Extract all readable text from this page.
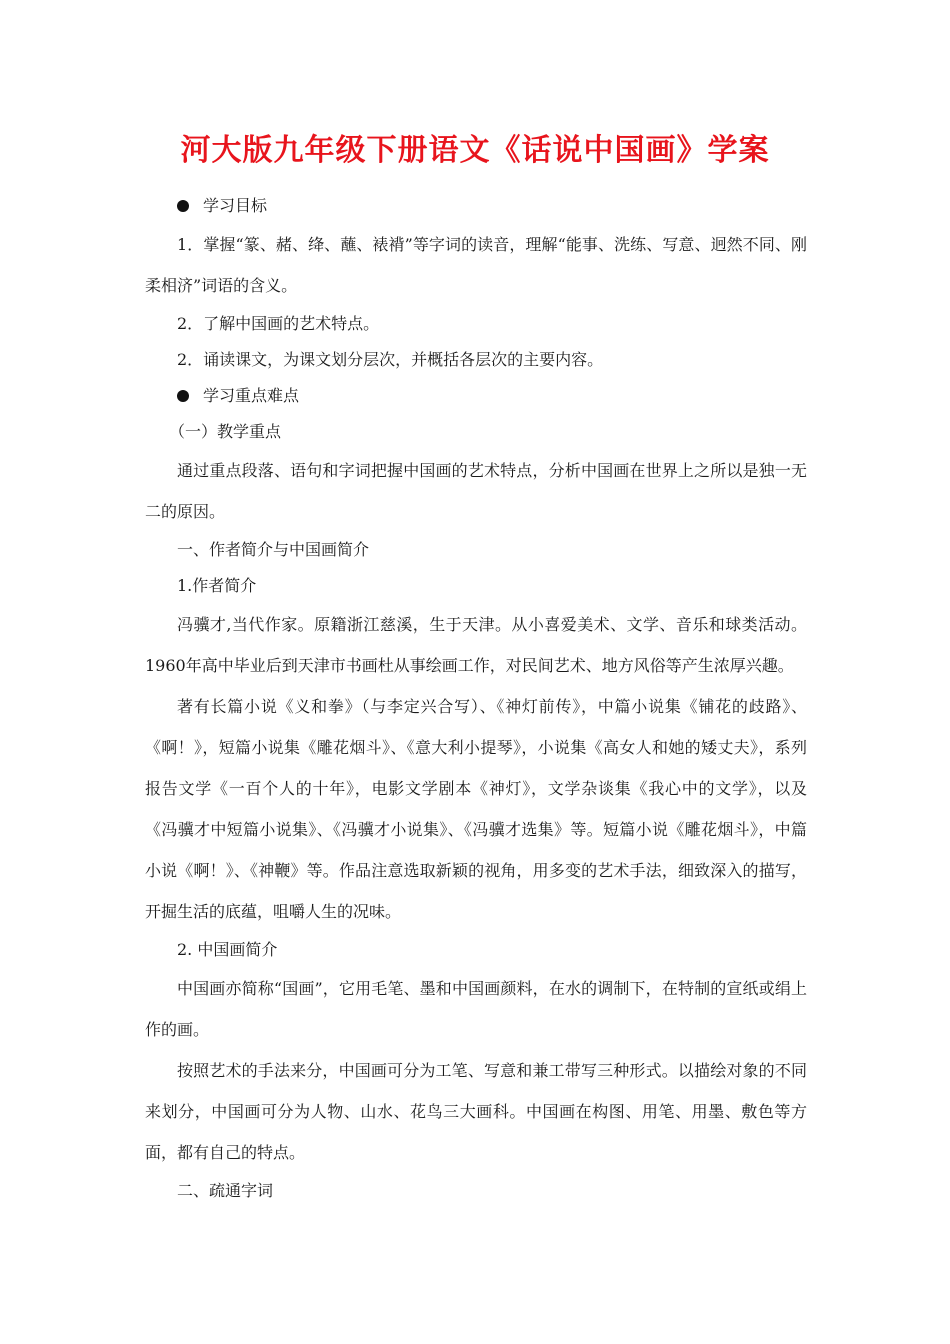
河大版九年级下册语文《话说中国画》学案

学习目标

1．掌握“篆、赭、绛、蘸、裱褙”等字词的读音，理解“能事、洗练、写意、迥然不同、刚柔相济”词语的含义。

2．了解中国画的艺术特点。

2．诵读课文，为课文划分层次，并概括各层次的主要内容。

学习重点难点

（一）教学重点

通过重点段落、语句和字词把握中国画的艺术特点，分析中国画在世界上之所以是独一无二的原因。

一、作者简介与中国画简介

1.作者简介

冯骥才,当代作家。原籍浙江慈溪，生于天津。从小喜爱美术、文学、音乐和球类活动。1960年高中毕业后到天津市书画杜从事绘画工作，对民间艺术、地方风俗等产生浓厚兴趣。

著有长篇小说《义和拳》（与李定兴合写）、《神灯前传》，中篇小说集《铺花的歧路》、《啊！》，短篇小说集《雕花烟斗》、《意大利小提琴》，小说集《高女人和她的矮丈夫》，系列报告文学《一百个人的十年》，电影文学剧本《神灯》，文学杂谈集《我心中的文学》，以及《冯骥才中短篇小说集》、《冯骥才小说集》、《冯骥才选集》等。短篇小说《雕花烟斗》，中篇小说《啊！》、《神鞭》等。作品注意选取新颖的视角，用多变的艺术手法，细致深入的描写，开掘生活的底蕴，咀嚼人生的况味。

2. 中国画简介

中国画亦简称“国画”，它用毛笔、墨和中国画颜料，在水的调制下，在特制的宣纸或绢上作的画。

按照艺术的手法来分，中国画可分为工笔、写意和兼工带写三种形式。以描绘对象的不同来划分，中国画可分为人物、山水、花鸟三大画科。中国画在构图、用笔、用墨、敷色等方面，都有自己的特点。

二、疏通字词
